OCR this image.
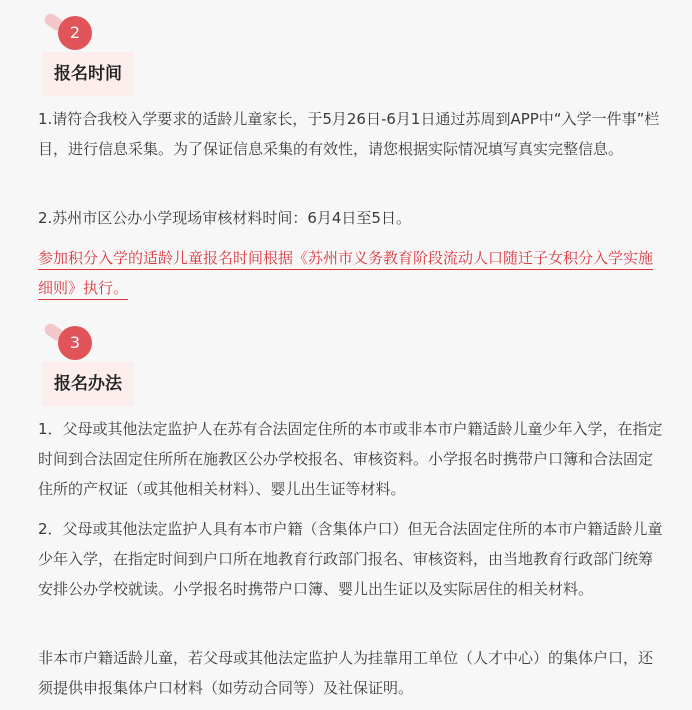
2
报名时间

1.请符合我校入学要求的适龄儿童家长，于5月26日-6月1日通过苏周到APP中“入学一件事”栏目，进行信息采集。为了保证信息采集的有效性，请您根据实际情况填写真实完整信息。

2.苏州市区公办小学现场审核材料时间：6月4日至5日。

参加积分入学的适龄儿童报名时间根据《苏州市义务教育阶段流动人口随迁子女积分入学实施细则》执行。

3
报名办法

1．父母或其他法定监护人在苏有合法固定住所的本市或非本市户籍适龄儿童少年入学，在指定时间到合法固定住所所在施教区公办学校报名、审核资料。小学报名时携带户口簿和合法固定住所的产权证（或其他相关材料）、婴儿出生证等材料。

2．父母或其他法定监护人具有本市户籍（含集体户口）但无合法固定住所的本市户籍适龄儿童少年入学，在指定时间到户口所在地教育行政部门报名、审核资料，由当地教育行政部门统筹安排公办学校就读。小学报名时携带户口簿、婴儿出生证以及实际居住的相关材料。

非本市户籍适龄儿童，若父母或其他法定监护人为挂靠用工单位（人才中心）的集体户口，还须提供申报集体户口材料（如劳动合同等）及社保证明。
